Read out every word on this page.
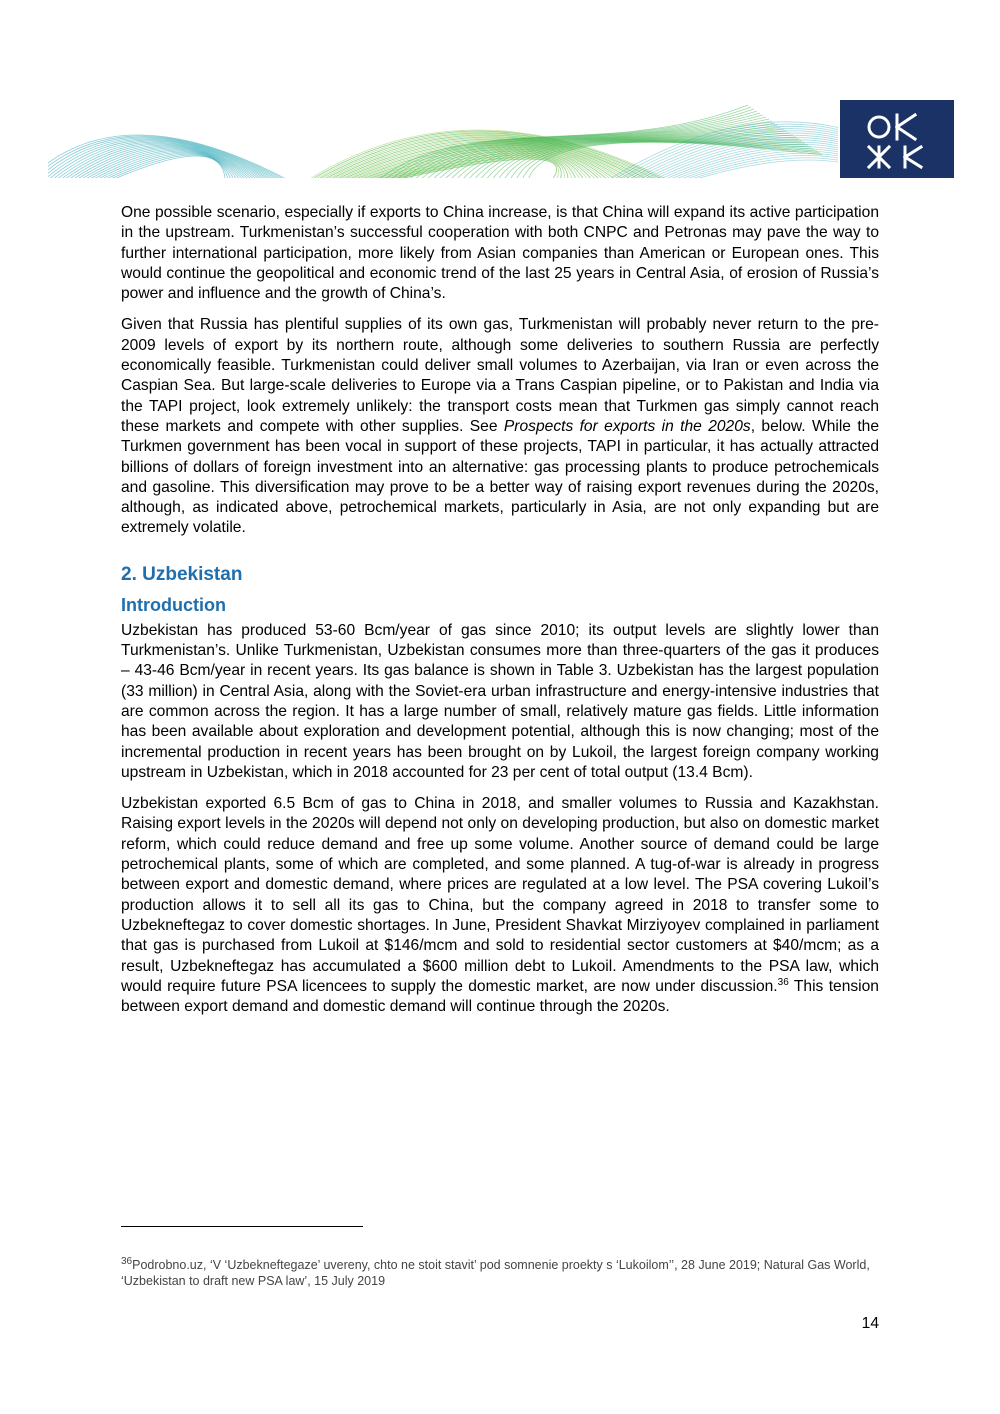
One possible scenario, especially if exports to China increase, is that China will expand its active participation in the upstream. Turkmenistan’s successful cooperation with both CNPC and Petronas may pave the way to further international participation, more likely from Asian companies than American or European ones. This would continue the geopolitical and economic trend of the last 25 years in Central Asia, of erosion of Russia’s power and influence and the growth of China’s.

Given that Russia has plentiful supplies of its own gas, Turkmenistan will probably never return to the pre-2009 levels of export by its northern route, although some deliveries to southern Russia are perfectly economically feasible. Turkmenistan could deliver small volumes to Azerbaijan, via Iran or even across the Caspian Sea. But large-scale deliveries to Europe via a Trans Caspian pipeline, or to Pakistan and India via the TAPI project, look extremely unlikely: the transport costs mean that Turkmen gas simply cannot reach these markets and compete with other supplies. See Prospects for exports in the 2020s, below. While the Turkmen government has been vocal in support of these projects, TAPI in particular, it has actually attracted billions of dollars of foreign investment into an alternative: gas processing plants to produce petrochemicals and gasoline. This diversification may prove to be a better way of raising export revenues during the 2020s, although, as indicated above, petrochemical markets, particularly in Asia, are not only expanding but are extremely volatile.

2. Uzbekistan
Introduction

Uzbekistan has produced 53-60 Bcm/year of gas since 2010; its output levels are slightly lower than Turkmenistan’s. Unlike Turkmenistan, Uzbekistan consumes more than three-quarters of the gas it produces – 43-46 Bcm/year in recent years. Its gas balance is shown in Table 3. Uzbekistan has the largest population (33 million) in Central Asia, along with the Soviet-era urban infrastructure and energy-intensive industries that are common across the region. It has a large number of small, relatively mature gas fields. Little information has been available about exploration and development potential, although this is now changing; most of the incremental production in recent years has been brought on by Lukoil, the largest foreign company working upstream in Uzbekistan, which in 2018 accounted for 23 per cent of total output (13.4 Bcm).

Uzbekistan exported 6.5 Bcm of gas to China in 2018, and smaller volumes to Russia and Kazakhstan. Raising export levels in the 2020s will depend not only on developing production, but also on domestic market reform, which could reduce demand and free up some volume. Another source of demand could be large petrochemical plants, some of which are completed, and some planned. A tug-of-war is already in progress between export and domestic demand, where prices are regulated at a low level. The PSA covering Lukoil’s production allows it to sell all its gas to China, but the company agreed in 2018 to transfer some to Uzbekneftegaz to cover domestic shortages. In June, President Shavkat Mirziyoyev complained in parliament that gas is purchased from Lukoil at $146/mcm and sold to residential sector customers at $40/mcm; as a result, Uzbekneftegaz has accumulated a $600 million debt to Lukoil. Amendments to the PSA law, which would require future PSA licencees to supply the domestic market, are now under discussion.$^{36}$ This tension between export demand and domestic demand will continue through the 2020s.

$^{36}$Podrobno.uz, ‘V ‘Uzbekneftegaze’ uvereny, chto ne stoit stavit’ pod somnenie proekty s ‘Lukoilom’’, 28 June 2019; Natural Gas World, ‘Uzbekistan to draft new PSA law’, 15 July 2019
14
